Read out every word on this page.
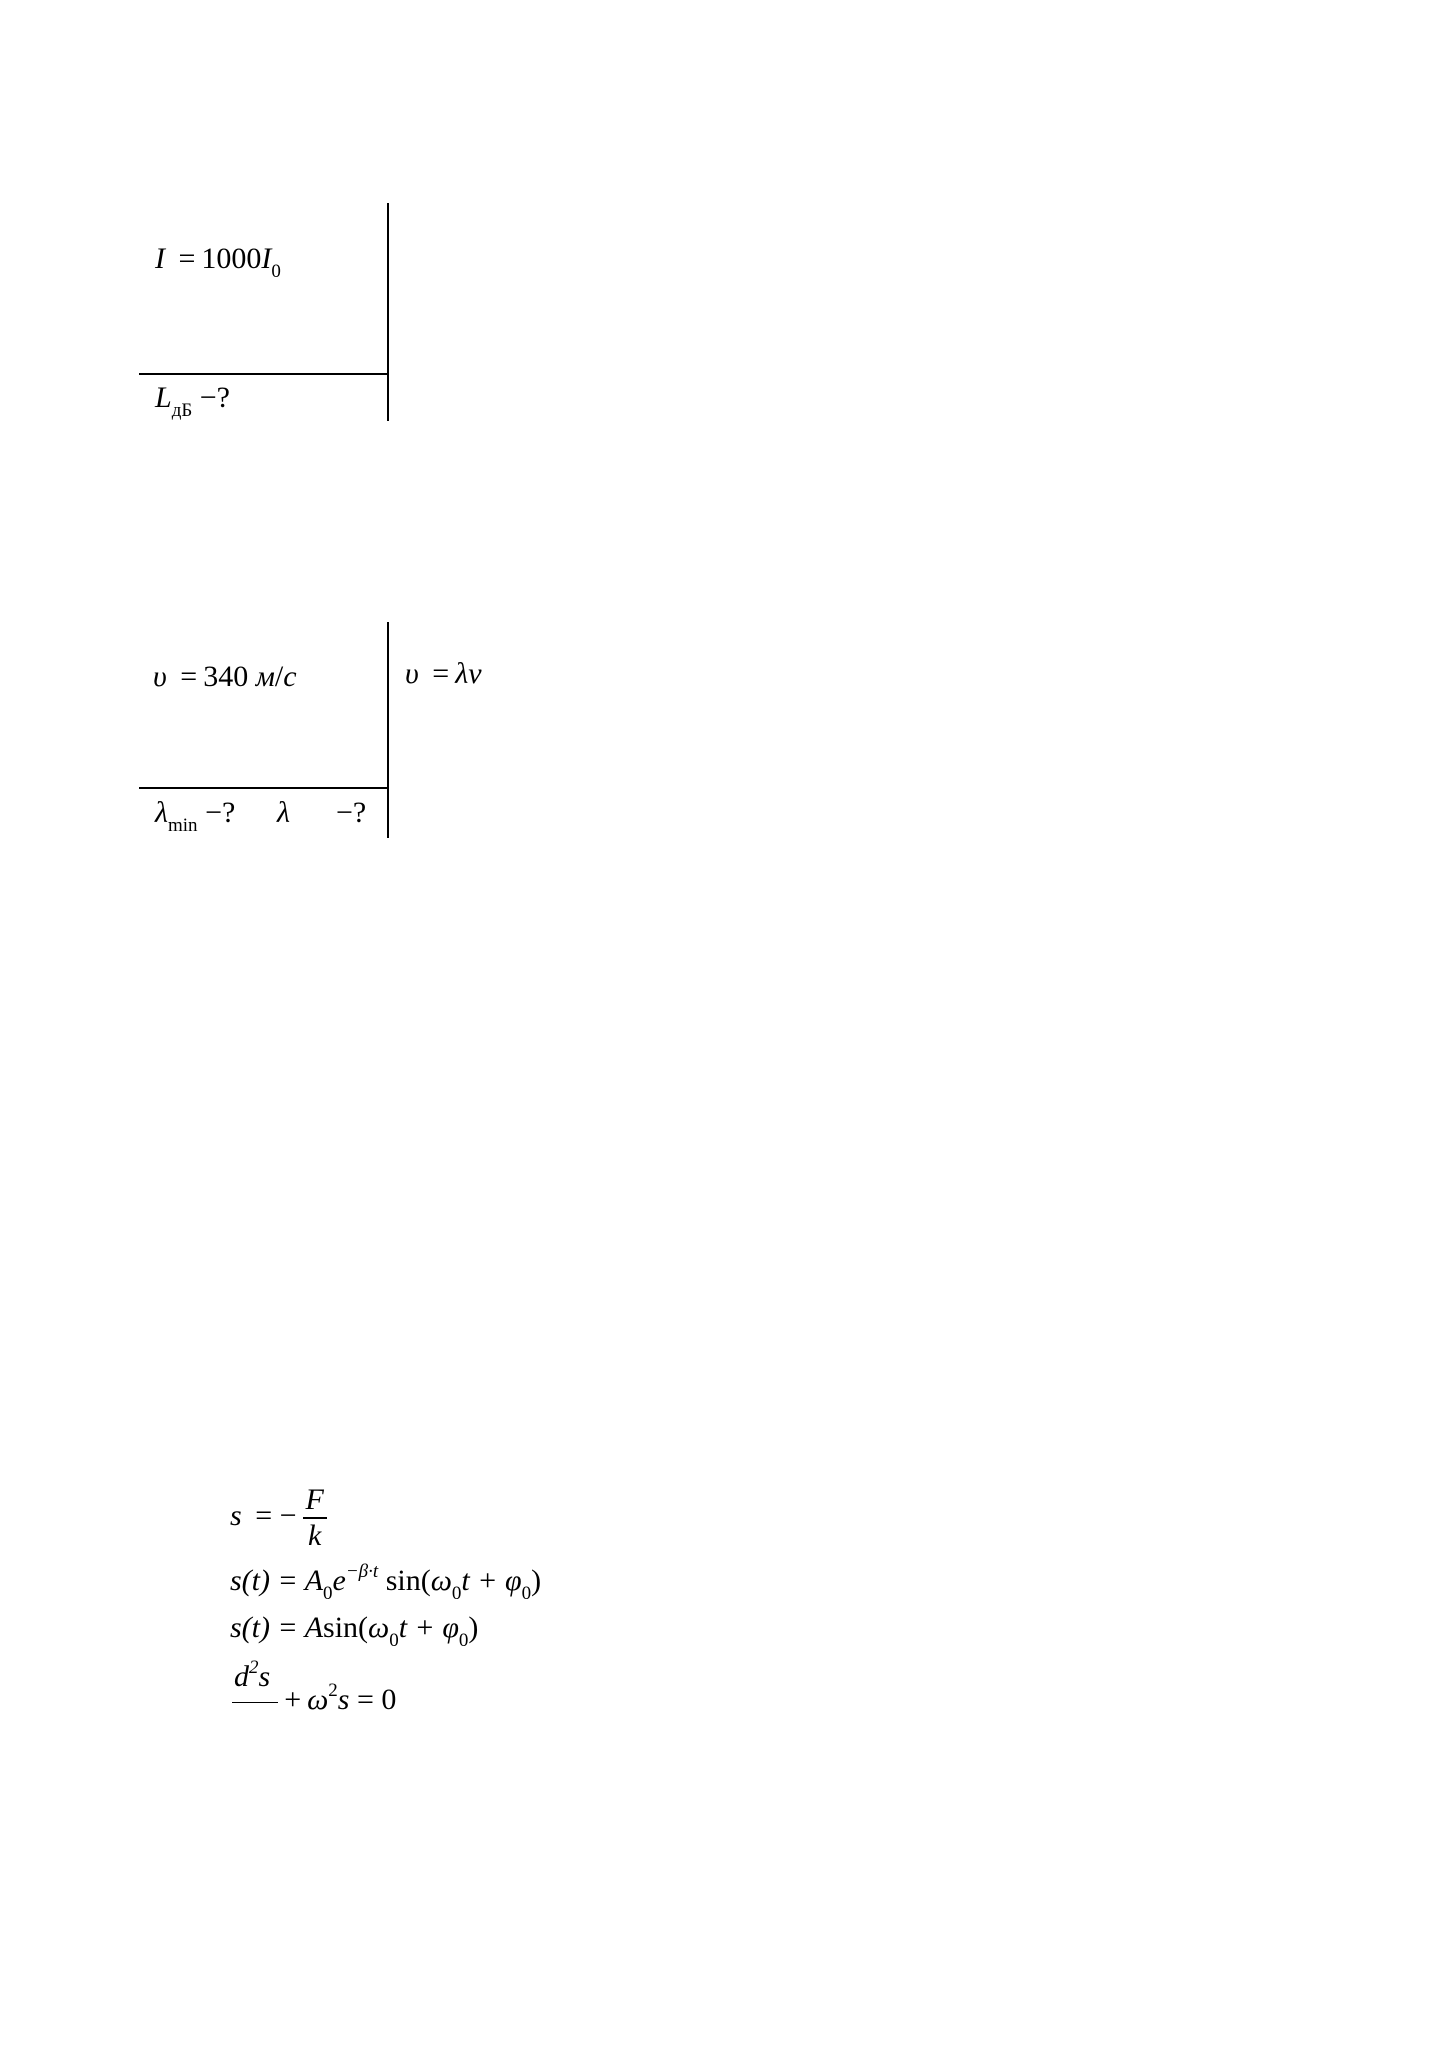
$I = 1000I_0$
$L_{дБ}$ −?
υ = 340 м/с	υ = λν
$\lambda_{min}$ −? λ −?
s = − $\frac{F}{k}$
$s(t) = A_0e^{-\beta\cdot t}$ $\sin(\omega_0t + \varphi_0)$
$s(t) = Asin(\omega_0t + \varphi_0)$
$d^2s$

+ $\omega^2s = 0$
